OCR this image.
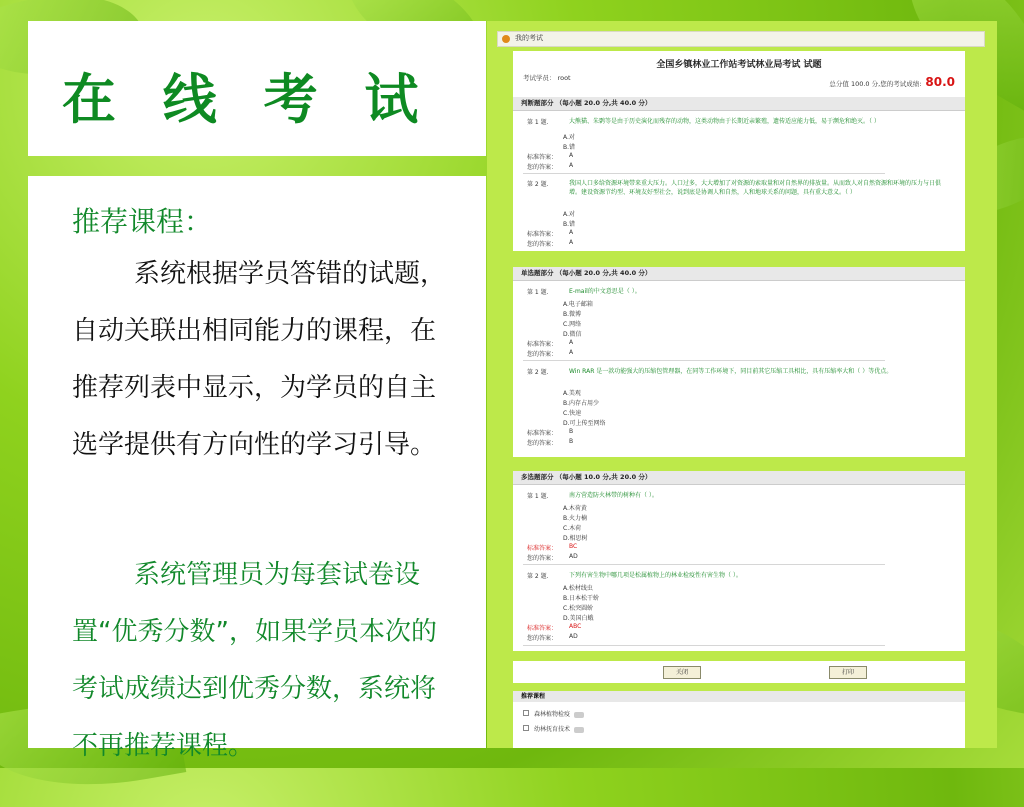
在 线 考 试
推荐课程：
系统根据学员答错的试题，自动关联出相同能力的课程，在推荐列表中显示，为学员的自主选学提供有方向性的学习引导。
系统管理员为每套试卷设置“优秀分数”，如果学员本次的考试成绩达到优秀分数，系统将不再推荐课程。
我的考试
全国乡镇林业工作站考试林业局考试 试题
考试学员： root
总分值 100.0 分,您的考试成绩: 80.0
判断题部分 （每小题 20.0 分,共 40.0 分）
第 1 题.	大熊猫、朱鹮等是由于历史演化而残存的动物，这类动物由于长期近亲繁殖，遗传适应能力低，易于濒危和绝灭。（ ）
A.对
B.错
标准答案： A
您的答案： A
第 2 题.	我国人口多给资源环境带来重大压力。人口过多，大大增加了对资源的索取量和对自然界的排放量。从而致人对自然资源和环境的压力与日俱增。建设资源节约型、环境友好型社会，说到底是协调人和自然，人和地球关系的问题，具有重大意义。（ ）
A.对
B.错
标准答案： A
您的答案： A
单选题部分 （每小题 20.0 分,共 40.0 分）
第 1 题.	E-mail的中文意思是（ ）。
A.电子邮箱
B.微博
C.网络
D.微信
标准答案： A
您的答案： A
第 2 题.	Win RAR 是一款功能强大的压缩包管理器，在同等工作环境下，同目前其它压缩工具相比，具有压缩率大和（ ）等优点。
A.美观
B.内存占用少
C.快速
D.可上传至网络
标准答案： B
您的答案： B
多选题部分 （每小题 10.0 分,共 20.0 分）
第 1 题.	南方营造防火林带的树种有（ ）。
A.木荷黄
B.火力楠
C.木荷
D.相思树
标准答案： BC
您的答案： AD
第 2 题.	下列有害生物中哪几项是松属植物上的林业检疫性有害生物（ ）。
A.松材线虫
B.日本松干蚧
C.松突圆蚧
D.美国白蛾
标准答案： ABC
您的答案： AD
关闭	打印
推荐课程
森林植物检疫
幼林抚育技术
